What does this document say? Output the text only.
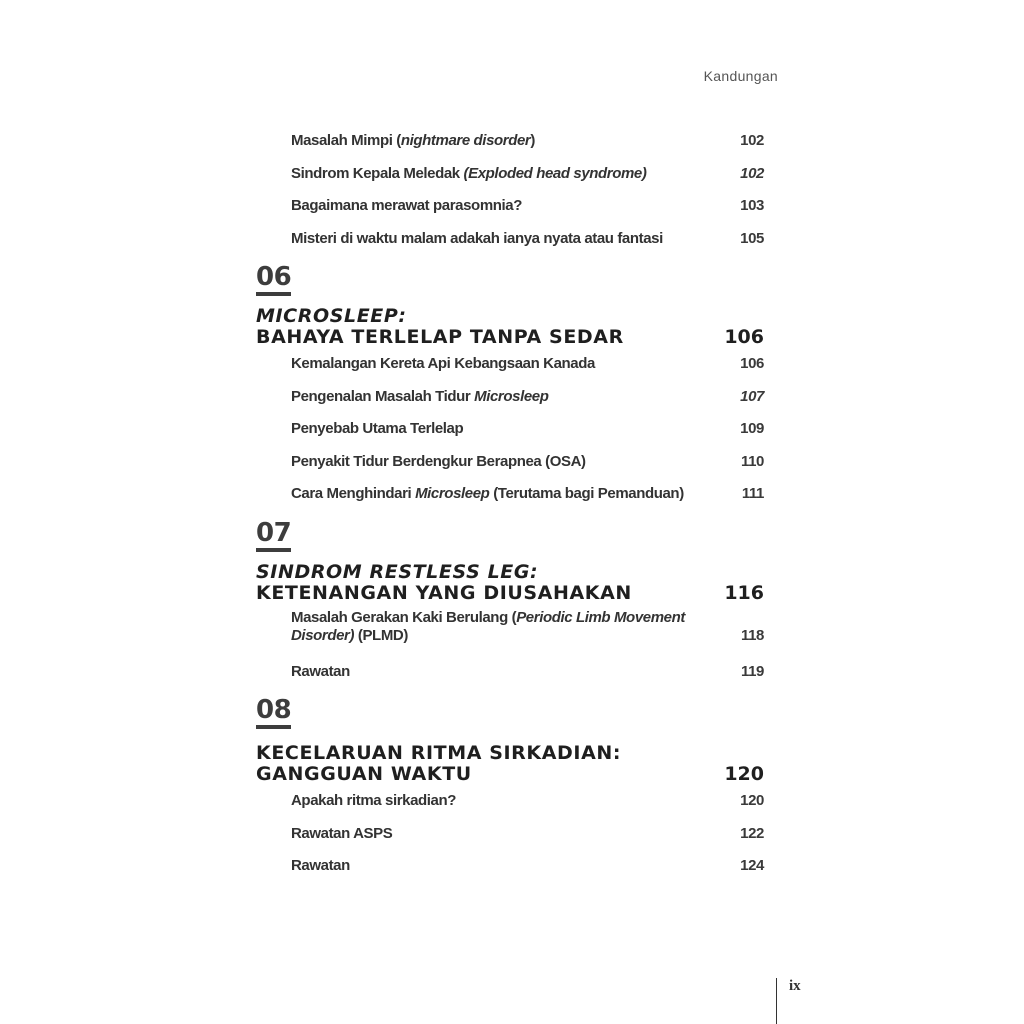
Kandungan
Masalah Mimpi (nightmare disorder)	102
Sindrom Kepala Meledak (Exploded head syndrome)	102
Bagaimana merawat parasomnia?	103
Misteri di waktu malam adakah ianya nyata atau fantasi	105
06
MICROSLEEP:
BAHAYA TERLELAP TANPA SEDAR	106
Kemalangan Kereta Api Kebangsaan Kanada	106
Pengenalan Masalah Tidur Microsleep	107
Penyebab Utama Terlelap	109
Penyakit Tidur Berdengkur Berapnea (OSA)	110
Cara Menghindari Microsleep (Terutama bagi Pemanduan)	111
07
SINDROM RESTLESS LEG:
KETENANGAN YANG DIUSAHAKAN	116
Masalah Gerakan Kaki Berulang (Periodic Limb Movement Disorder) (PLMD)	118
Rawatan	119
08
KECELARUAN RITMA SIRKADIAN:
GANGGUAN WAKTU	120
Apakah ritma sirkadian?	120
Rawatan ASPS	122
Rawatan	124
ix
